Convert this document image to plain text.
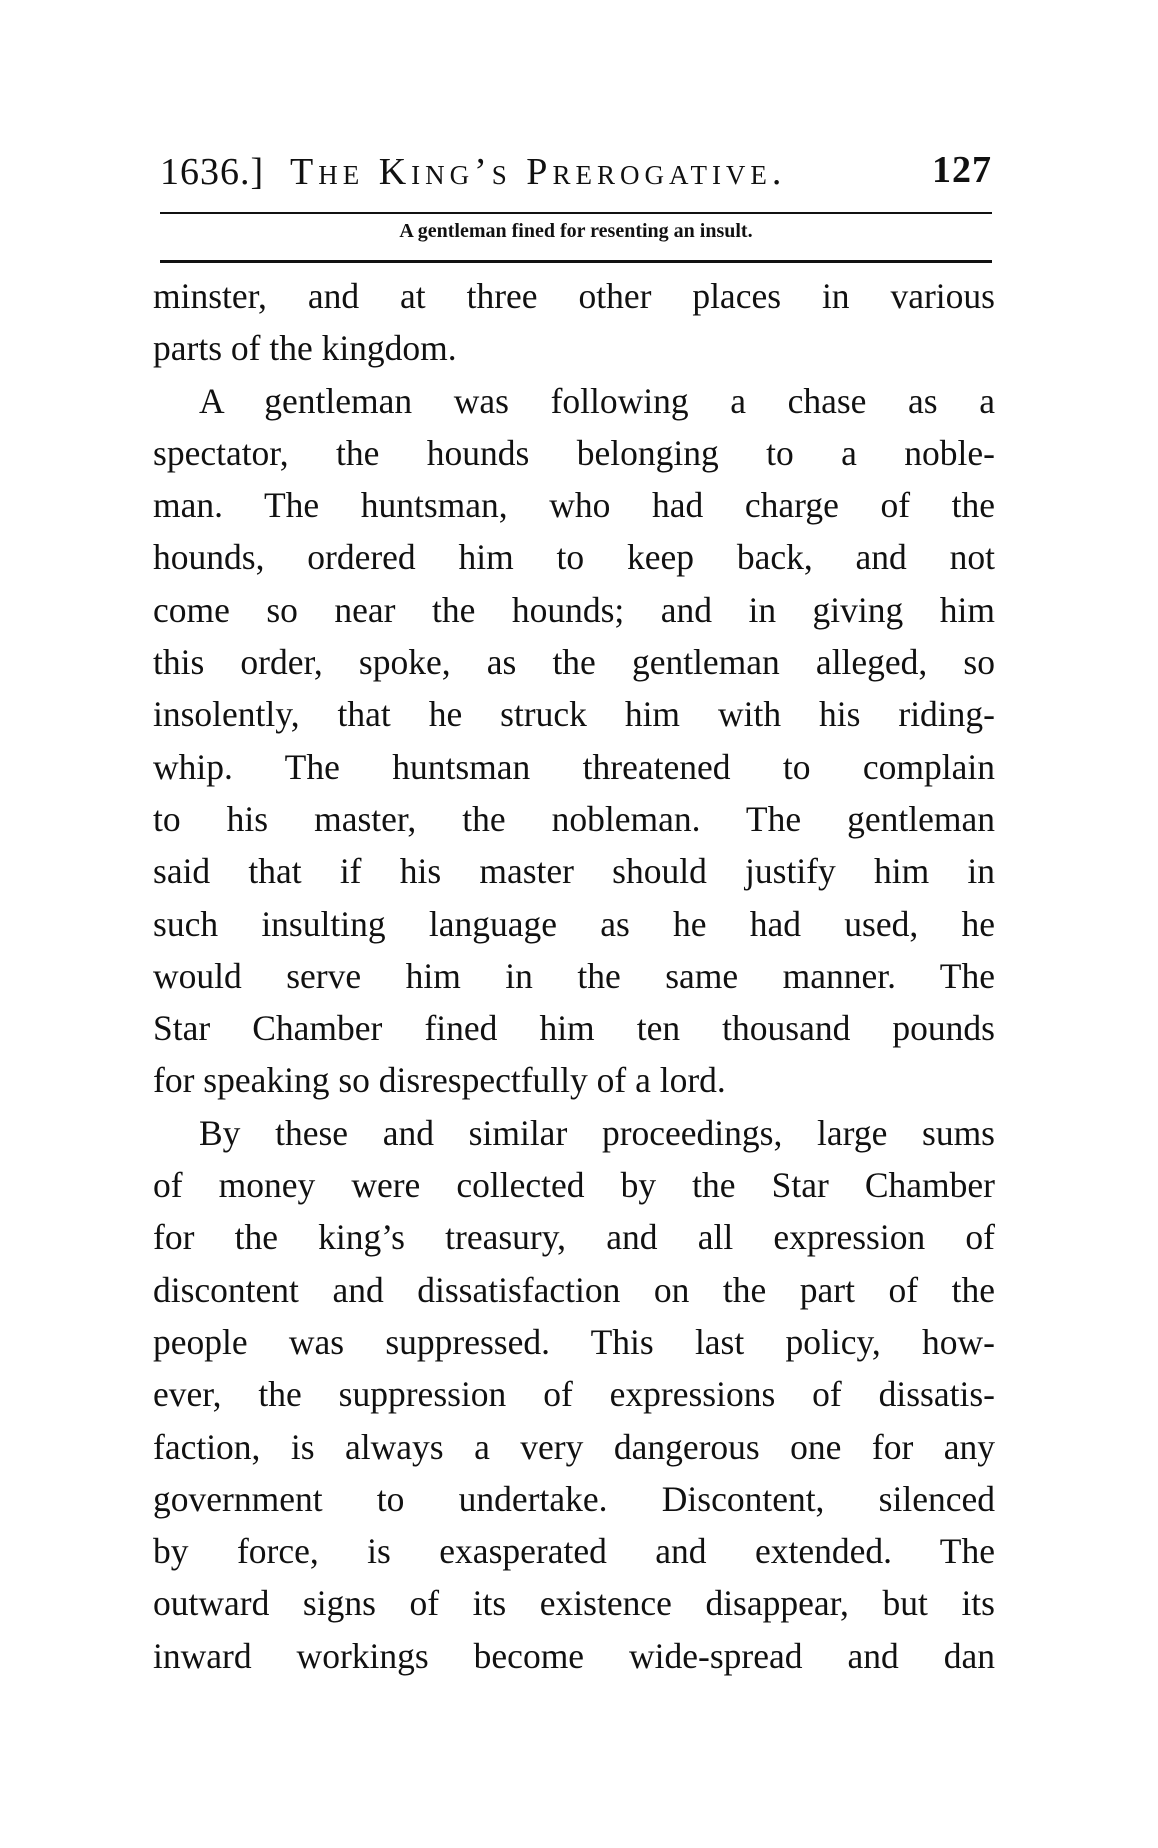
1636.] The King’s Prerogative.	127
A gentleman fined for resenting an insult.
minster, and at three other places in various
parts of the kingdom.
A gentleman was following a chase as a
spectator, the hounds belonging to a noble-
man. The huntsman, who had charge of the
hounds, ordered him to keep back, and not
come so near the hounds; and in giving him
this order, spoke, as the gentleman alleged, so
insolently, that he struck him with his riding-
whip. The huntsman threatened to complain
to his master, the nobleman. The gentleman
said that if his master should justify him in
such insulting language as he had used, he
would serve him in the same manner. The
Star Chamber fined him ten thousand pounds
for speaking so disrespectfully of a lord.
By these and similar proceedings, large sums
of money were collected by the Star Chamber
for the king’s treasury, and all expression of
discontent and dissatisfaction on the part of the
people was suppressed. This last policy, how-
ever, the suppression of expressions of dissatis-
faction, is always a very dangerous one for any
government to undertake. Discontent, silenced
by force, is exasperated and extended. The
outward signs of its existence disappear, but its
inward workings become wide-spread and dan
